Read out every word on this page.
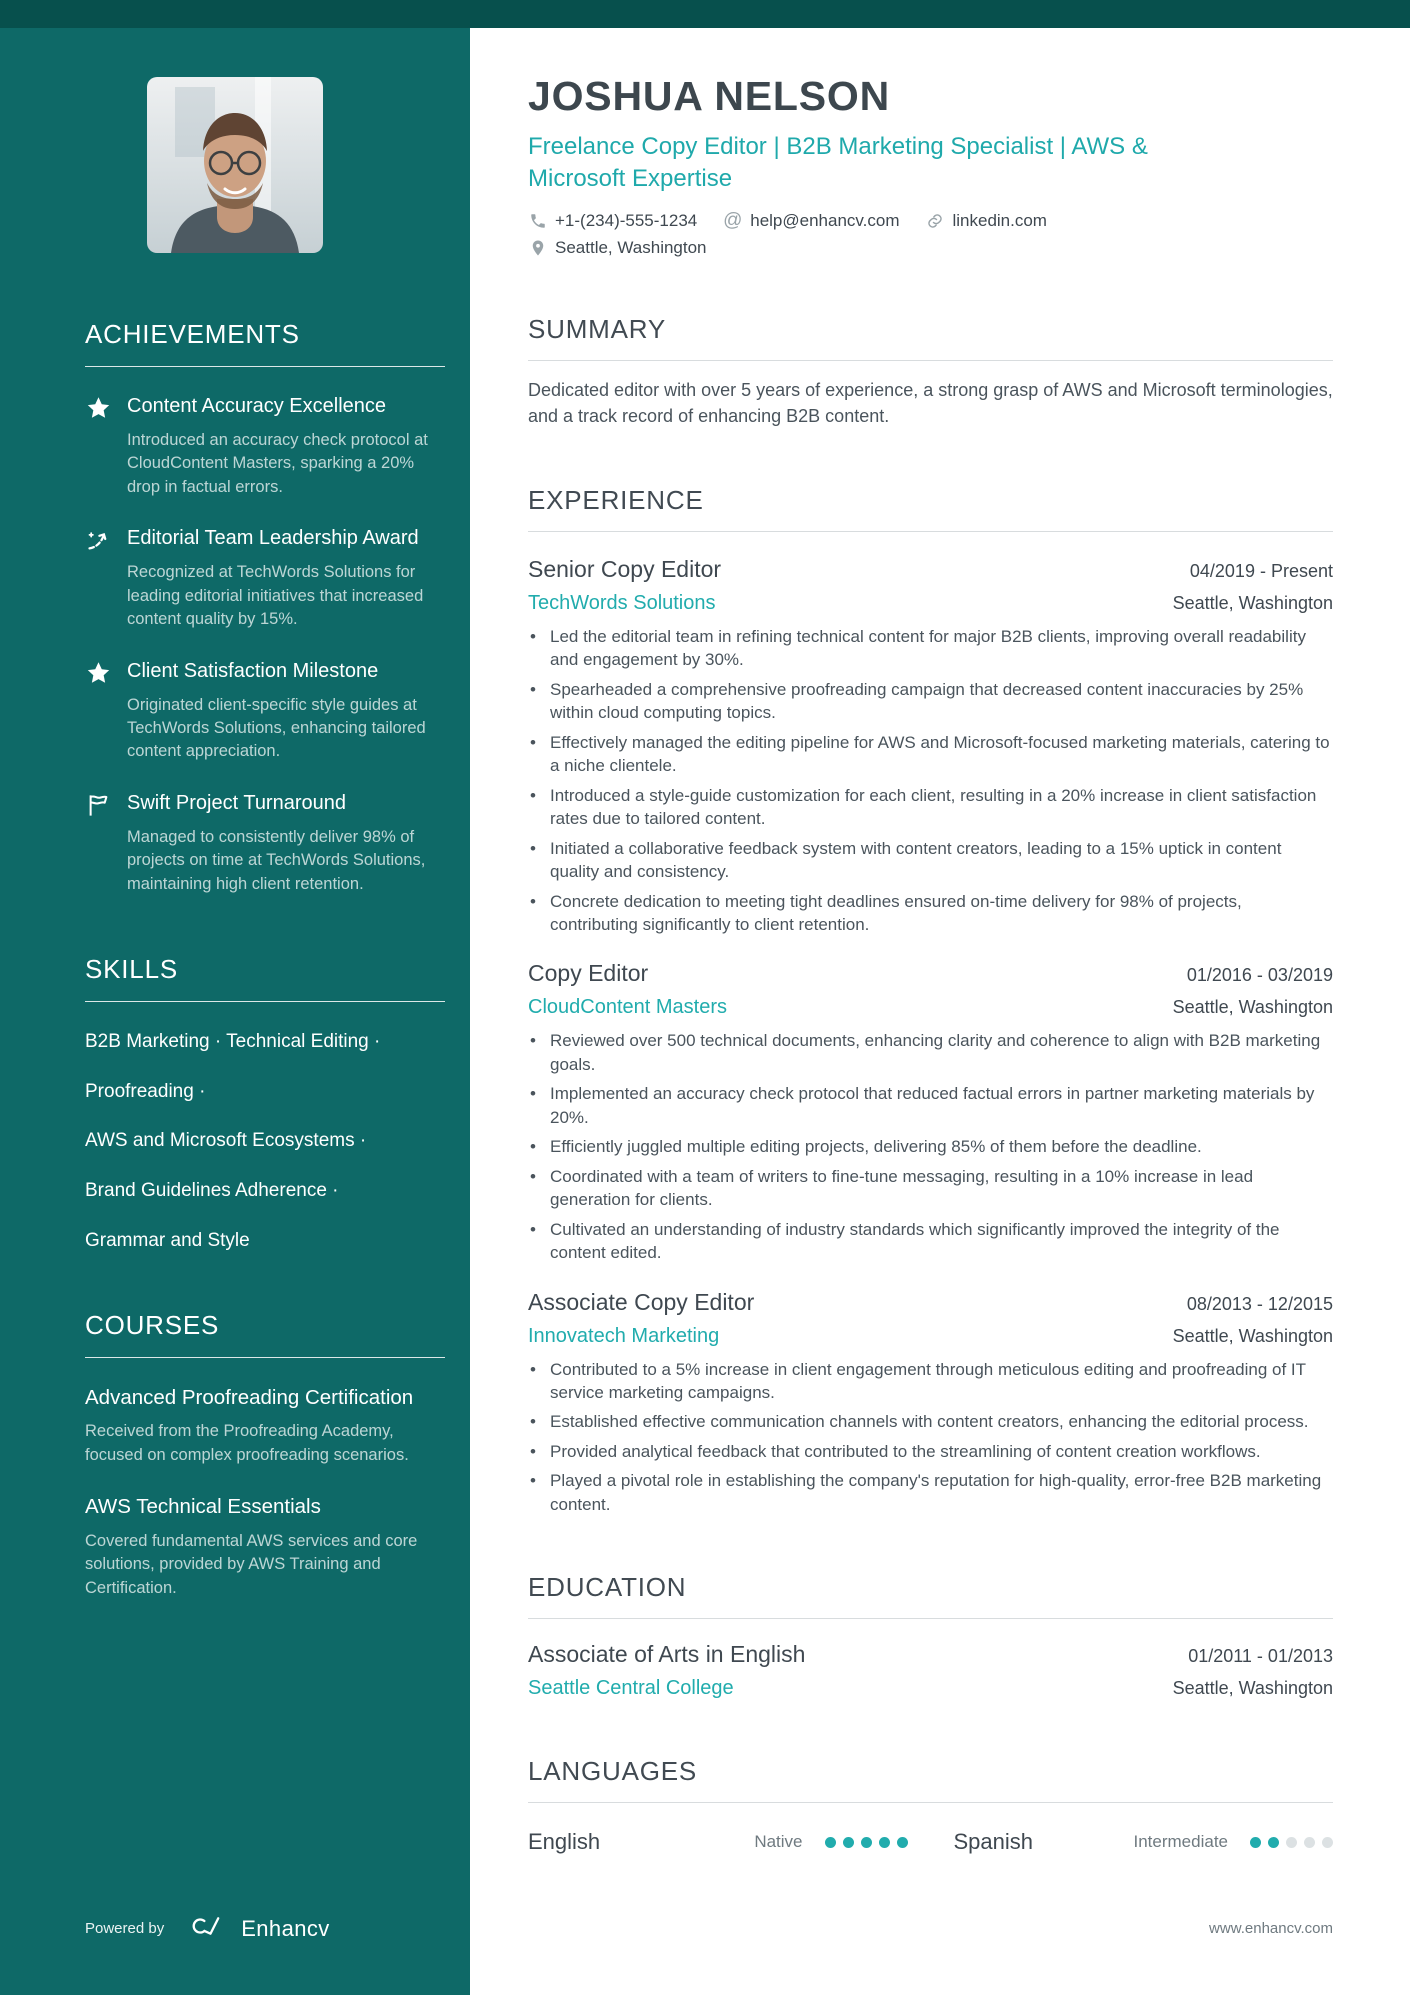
ACHIEVEMENTS

Content Accuracy Excellence

Introduced an accuracy check protocol at CloudContent Masters, sparking a 20% drop in factual errors.

Editorial Team Leadership Award

Recognized at TechWords Solutions for leading editorial initiatives that increased content quality by 15%.

Client Satisfaction Milestone

Originated client-specific style guides at TechWords Solutions, enhancing tailored content appreciation.

Swift Project Turnaround

Managed to consistently deliver 98% of projects on time at TechWords Solutions, maintaining high client retention.

SKILLS
B2B Marketing · Technical Editing ·
Proofreading ·
AWS and Microsoft Ecosystems ·
Brand Guidelines Adherence ·
Grammar and Style
COURSES

Advanced Proofreading Certification

Received from the Proofreading Academy, focused on complex proofreading scenarios.

AWS Technical Essentials

Covered fundamental AWS services and core solutions, provided by AWS Training and Certification.

Powered by	Enhancv
JOSHUA NELSON
Freelance Copy Editor | B2B Marketing Specialist | AWS & Microsoft Expertise
+1-(234)-555-1234 @ help@enhancv.com	linkedin.com
Seattle, Washington
SUMMARY

Dedicated editor with over 5 years of experience, a strong grasp of AWS and Microsoft terminologies, and a track record of enhancing B2B content.

EXPERIENCE
Senior Copy Editor	04/2019 - Present

TechWords Solutions	Seattle, Washington
• Led the editorial team in refining technical content for major B2B clients, improving overall readability and engagement by 30%.
• Spearheaded a comprehensive proofreading campaign that decreased content inaccuracies by 25% within cloud computing topics.
• Effectively managed the editing pipeline for AWS and Microsoft-focused marketing materials, catering to a niche clientele.
• Introduced a style-guide customization for each client, resulting in a 20% increase in client satisfaction rates due to tailored content.
• Initiated a collaborative feedback system with content creators, leading to a 15% uptick in content quality and consistency.
• Concrete dedication to meeting tight deadlines ensured on-time delivery for 98% of projects, contributing significantly to client retention.
Copy Editor	01/2016 - 03/2019

CloudContent Masters	Seattle, Washington
• Reviewed over 500 technical documents, enhancing clarity and coherence to align with B2B marketing goals.
• Implemented an accuracy check protocol that reduced factual errors in partner marketing materials by 20%.
• Efficiently juggled multiple editing projects, delivering 85% of them before the deadline.
• Coordinated with a team of writers to fine-tune messaging, resulting in a 10% increase in lead generation for clients.
• Cultivated an understanding of industry standards which significantly improved the integrity of the content edited.
Associate Copy Editor	08/2013 - 12/2015

Innovatech Marketing	Seattle, Washington
• Contributed to a 5% increase in client engagement through meticulous editing and proofreading of IT service marketing campaigns.
• Established effective communication channels with content creators, enhancing the editorial process.
• Provided analytical feedback that contributed to the streamlining of content creation workflows.
• Played a pivotal role in establishing the company's reputation for high-quality, error-free B2B marketing content.
EDUCATION
Associate of Arts in English	01/2011 - 01/2013

Seattle Central College	Seattle, Washington
LANGUAGES
English	Native	Spanish	Intermediate
www.enhancv.com
